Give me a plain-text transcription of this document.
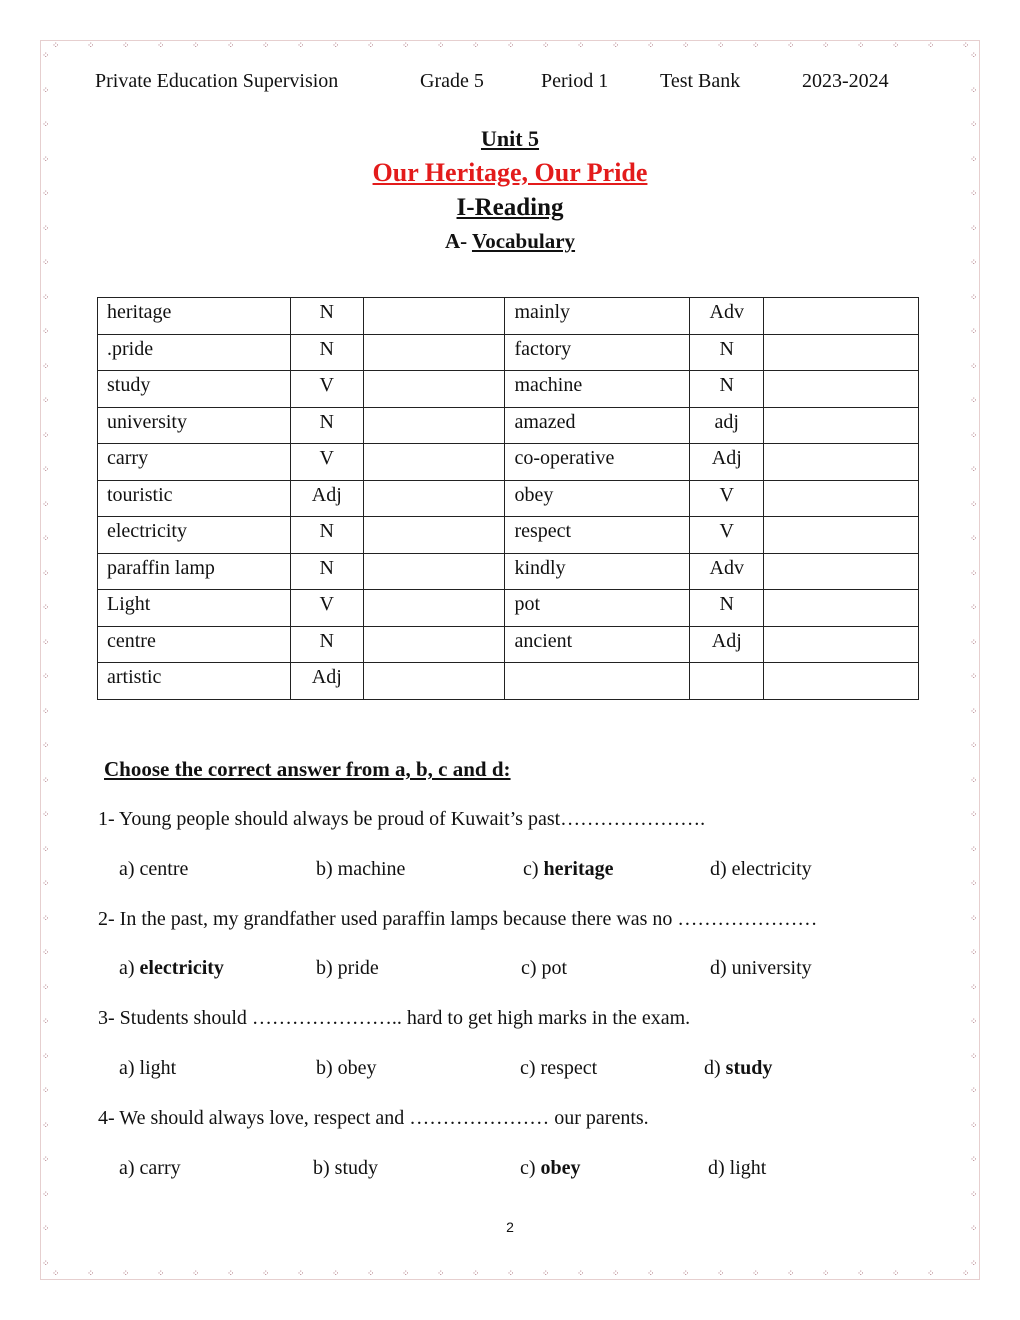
⁘
⁘
⁘
⁘
⁘
⁘
⁘
⁘
⁘
⁘
⁘
⁘
⁘
⁘
⁘
⁘
⁘
⁘
⁘
⁘
⁘
⁘
⁘
⁘
⁘
⁘
⁘
⁘
⁘
⁘
⁘
⁘
⁘
⁘
⁘
⁘
⁘
⁘
⁘
⁘
⁘
⁘
⁘
⁘
⁘
⁘
⁘
⁘
⁘
⁘
⁘
⁘
⁘
⁘
⁘	⁘
⁘	⁘
⁘	⁘
⁘	⁘
⁘	⁘
⁘	⁘
⁘	⁘
⁘	⁘
⁘	⁘
⁘	⁘
⁘	⁘
⁘	⁘
⁘	⁘
⁘	⁘
⁘	⁘
⁘	⁘
⁘	⁘
⁘	⁘
⁘	⁘
⁘	⁘
⁘	⁘
⁘	⁘
⁘	⁘
⁘	⁘
⁘	⁘
⁘	⁘
⁘	⁘
⁘	⁘
⁘	⁘
⁘	⁘
⁘	⁘
⁘	⁘
⁘	⁘
⁘	⁘
⁘	⁘
⁘	⁘
Private Education Supervision	Grade 5	Period 1	Test Bank	2023-2024
Unit 5
Our Heritage, Our Pride
I-Reading
A- Vocabulary
heritage	N		mainly	Adv	
.pride	N		factory	N	
study	V		machine	N	
university	N		amazed	adj	
carry	V		co-operative	Adj	
touristic	Adj		obey	V	
electricity	N		respect	V	
paraffin lamp	N		kindly	Adv	
Light	V		pot	N	
centre	N		ancient	Adj	
artistic	Adj				
Choose the correct answer from a, b, c and d:
1- Young people should always be proud of Kuwait’s past………………….
a) centre	b) machine	c) heritage	d) electricity
2- In the past, my grandfather used paraffin lamps because there was no …………………
a) electricity	b) pride	c) pot	d) university
3- Students should ………………….. hard to get high marks in the exam.
a) light	b) obey	c) respect	d) study
4- We should always love, respect and ………………… our parents.
a) carry	b) study	c) obey	d) light
2
